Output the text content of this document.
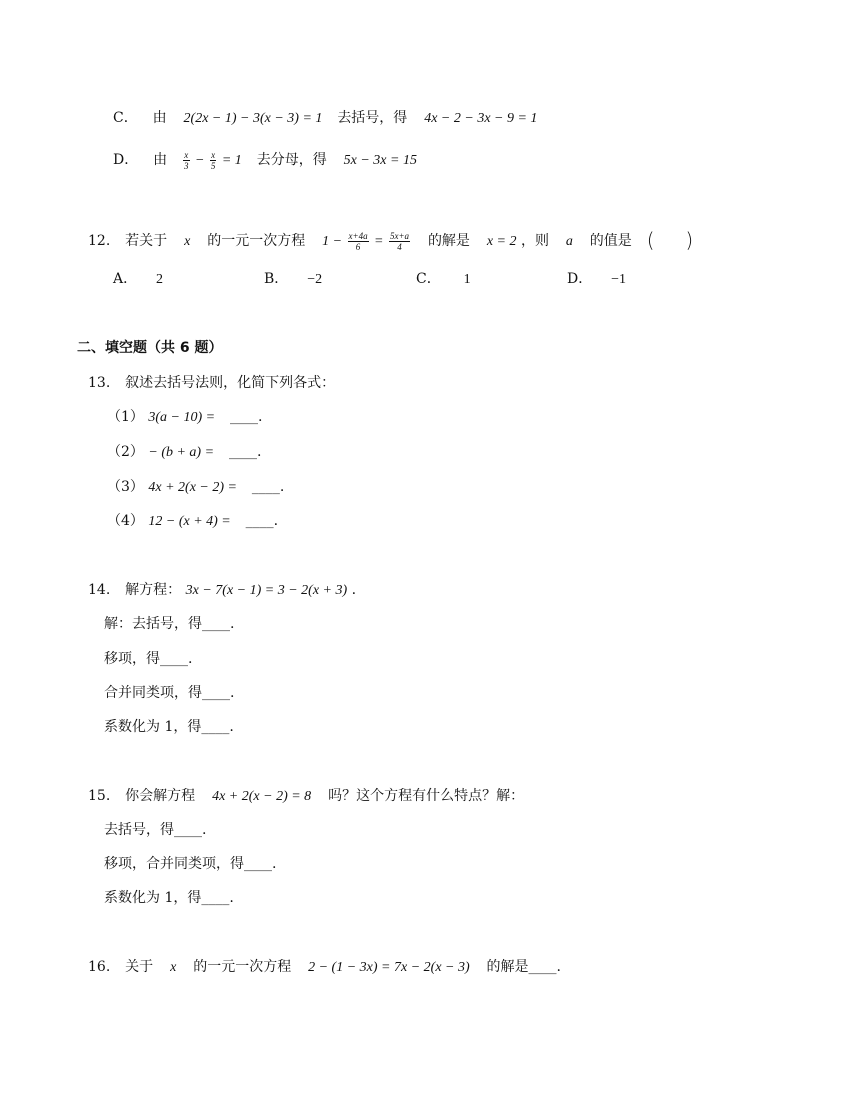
C． 由 2(2x − 1) − 3(x − 3) = 1 去括号，得 4x − 2 − 3x − 9 = 1
D． 由 $\frac{x}{3} - \frac{x}{5} = 1$ 去分母，得 5x − 3x = 15
12. 若关于 x 的一元一次方程 $1 - \frac{x+4a}{6} = \frac{5x+a}{4}$ 的解是 x = 2 ，则 a 的值是 ( )
A． 2	B． −2	C． 1	D． −1
二、填空题（共 6 题）
13. 叙述去括号法则，化简下列各式：
（1） 3(a − 10) = ____.
（2） − (b + a) = ____.
（3） 4x + 2(x − 2) = ____.
（4） 12 − (x + 4) = ____.
14. 解方程： 3x − 7(x − 1) = 3 − 2(x + 3) .
解：去括号，得____.
移项，得____.
合并同类项，得____.
系数化为 1，得____.
15. 你会解方程 4x + 2(x − 2) = 8 吗？这个方程有什么特点？解：
去括号，得____.
移项，合并同类项，得____.
系数化为 1，得____.
16. 关于 x 的一元一次方程 2 − (1 − 3x) = 7x − 2(x − 3) 的解是____.
